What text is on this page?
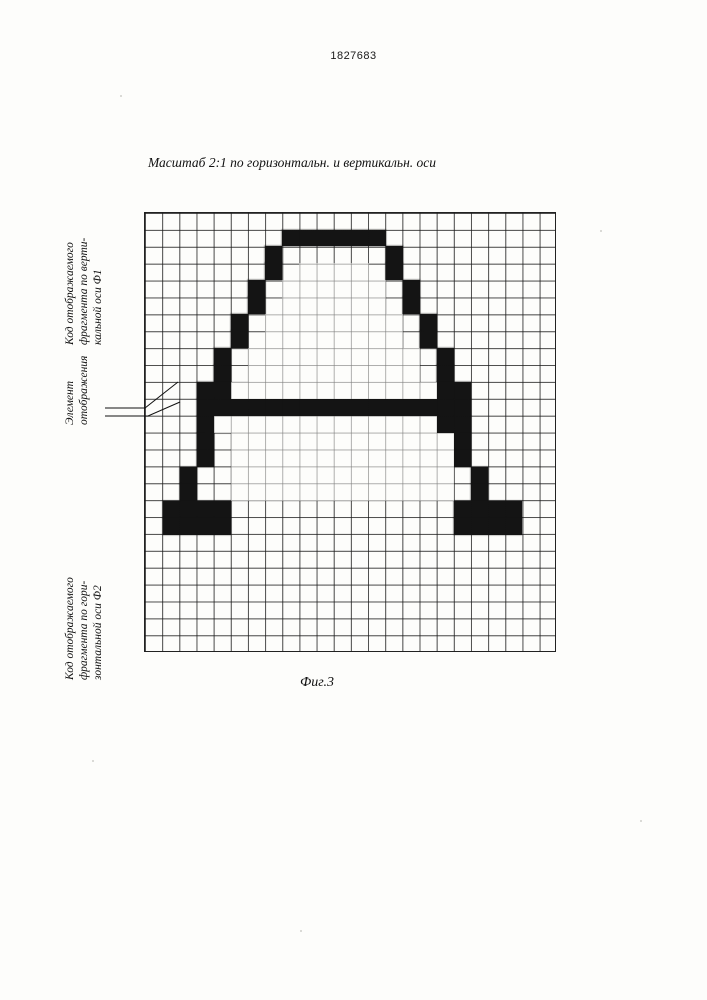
1827683
Масштаб 2:1 по горизонтальн. и вертикальн. оси
Фиг.3
Код отображаемого
фрагмента по верти-
кальной оси Ф1
Элемент
отображения
Код отображаемого
фрагмента по гори-
зонтальной оси Ф2
